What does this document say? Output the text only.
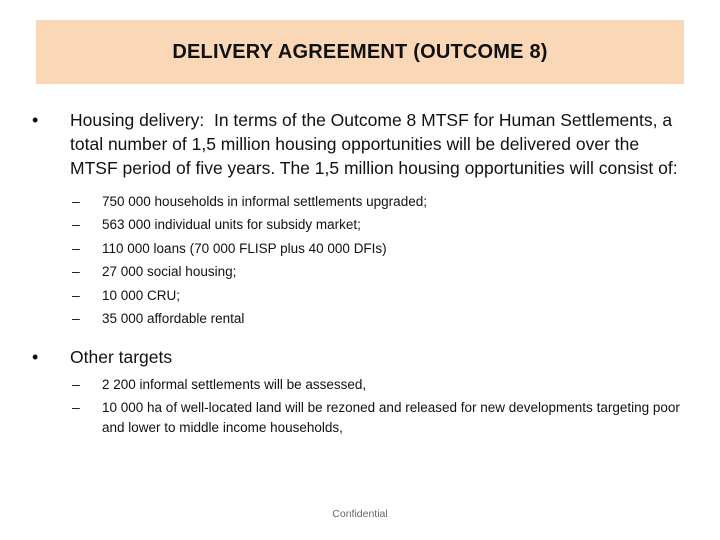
DELIVERY AGREEMENT (OUTCOME 8)
•	Housing delivery: In terms of the Outcome 8 MTSF for Human Settlements, a total number of 1,5 million housing opportunities will be delivered over the MTSF period of five years. The 1,5 million housing opportunities will consist of:
–	750 000 households in informal settlements upgraded;
–	563 000 individual units for subsidy market;
–	110 000 loans (70 000 FLISP plus 40 000 DFIs)
–	27 000 social housing;
–	10 000 CRU;
–	35 000 affordable rental
•	Other targets
–	2 200 informal settlements will be assessed,
–	10 000 ha of well-located land will be rezoned and released for new developments targeting poor and lower to middle income households,
Confidential
